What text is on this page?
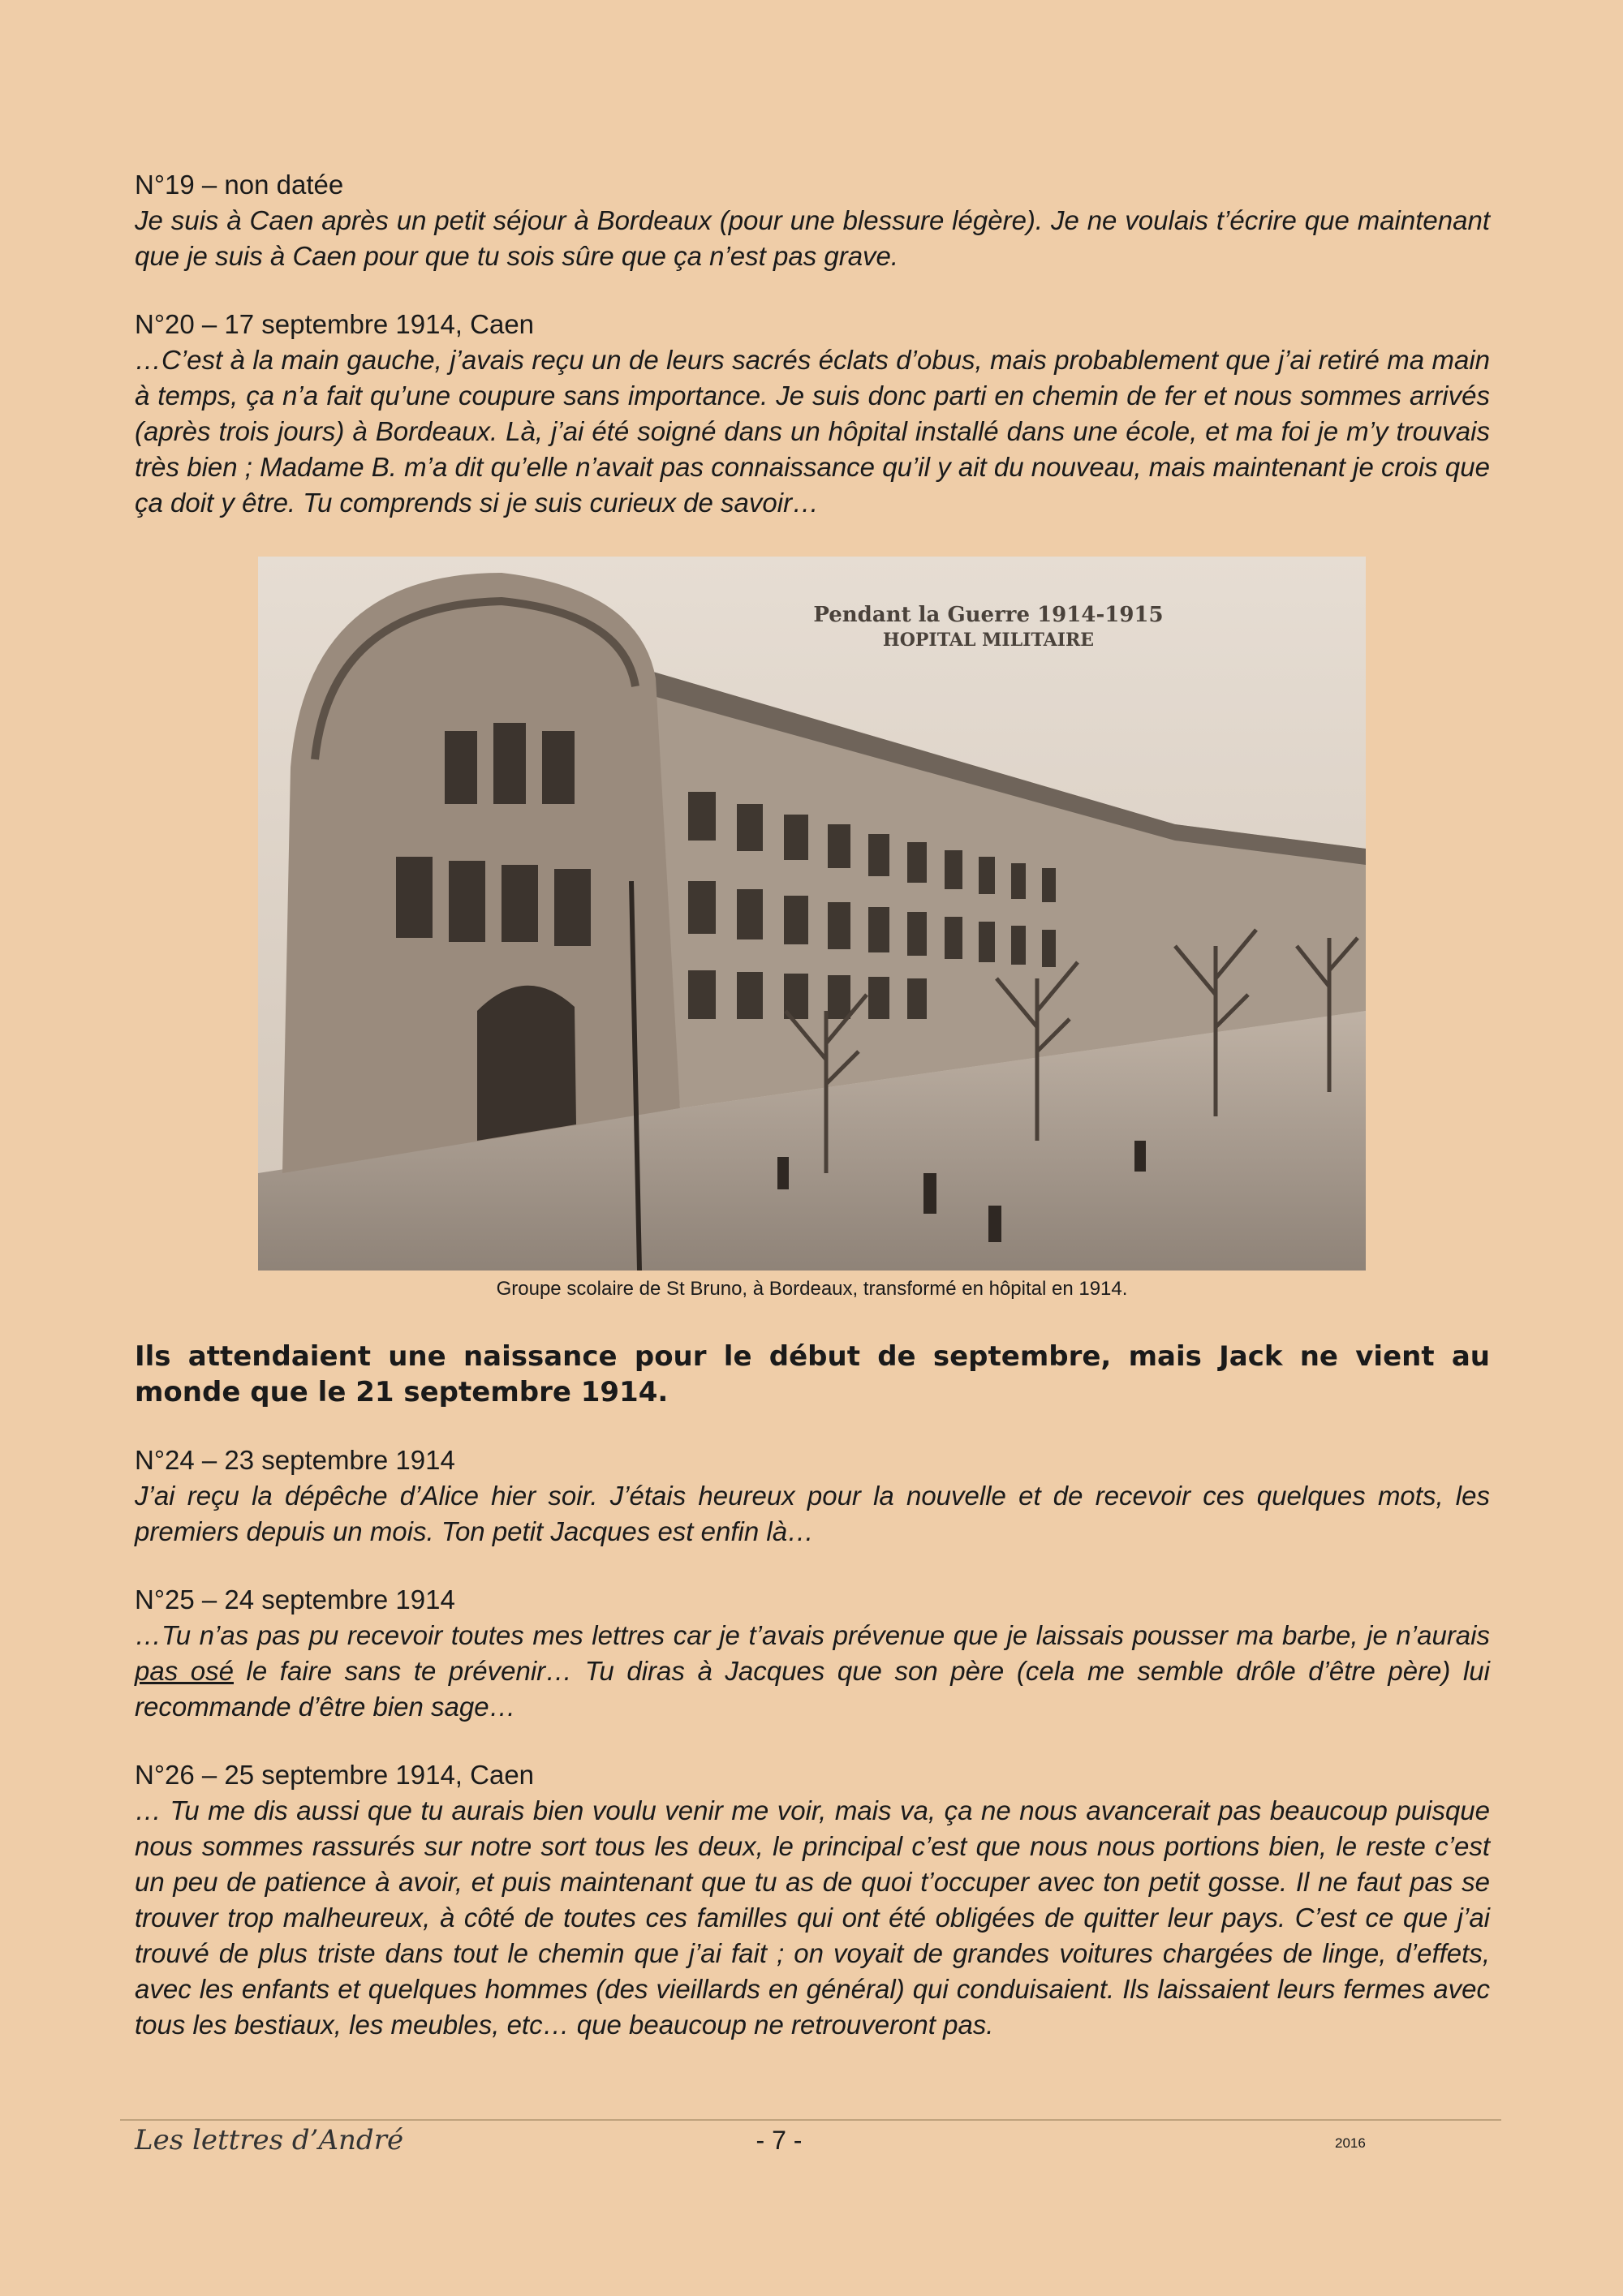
N°19 – non datée

Je suis à Caen après un petit séjour à Bordeaux (pour une blessure légère). Je ne voulais t’écrire que maintenant que je suis à Caen pour que tu sois sûre que ça n’est pas grave.

N°20 – 17 septembre 1914, Caen

…C’est à la main gauche, j’avais reçu un de leurs sacrés éclats d’obus, mais probablement que j’ai retiré ma main à temps, ça n’a fait qu’une coupure sans importance. Je suis donc parti en chemin de fer et nous sommes arrivés (après trois jours) à Bordeaux. Là, j’ai été soigné dans un hôpital installé dans une école, et ma foi je m’y trouvais très bien ; Madame B. m’a dit qu’elle n’avait pas connaissance qu’il y ait du nouveau, mais maintenant je crois que ça doit y être. Tu comprends si je suis curieux de savoir…

Pendant la Guerre 1914-1915
HOPITAL MILITAIRE

Groupe scolaire de St Bruno, à Bordeaux, transformé en hôpital en 1914.

Ils attendaient une naissance pour le début de septembre, mais Jack ne vient au monde que le 21 septembre 1914.

N°24 – 23 septembre 1914

J’ai reçu la dépêche d’Alice hier soir. J’étais heureux pour la nouvelle et de recevoir ces quelques mots, les premiers depuis un mois. Ton petit Jacques est enfin là…

N°25 – 24 septembre 1914

…Tu n’as pas pu recevoir toutes mes lettres car je t’avais prévenue que je laissais pousser ma barbe, je n’aurais pas osé le faire sans te prévenir… Tu diras à Jacques que son père (cela me semble drôle d’être père) lui recommande d’être bien sage…

N°26 – 25 septembre 1914, Caen

… Tu me dis aussi que tu aurais bien voulu venir me voir, mais va, ça ne nous avancerait pas beaucoup puisque nous sommes rassurés sur notre sort tous les deux, le principal c’est que nous nous portions bien, le reste c’est un peu de patience à avoir, et puis maintenant que tu as de quoi t’occuper avec ton petit gosse. Il ne faut pas se trouver trop malheureux, à côté de toutes ces familles qui ont été obligées de quitter leur pays. C’est ce que j’ai trouvé de plus triste dans tout le chemin que j’ai fait ; on voyait de grandes voitures chargées de linge, d’effets, avec les enfants et quelques hommes (des vieillards en général) qui conduisaient. Ils laissaient leurs fermes avec tous les bestiaux, les meubles, etc… que beaucoup ne retrouveront pas.

Les lettres d’André	- 7 -	2016
